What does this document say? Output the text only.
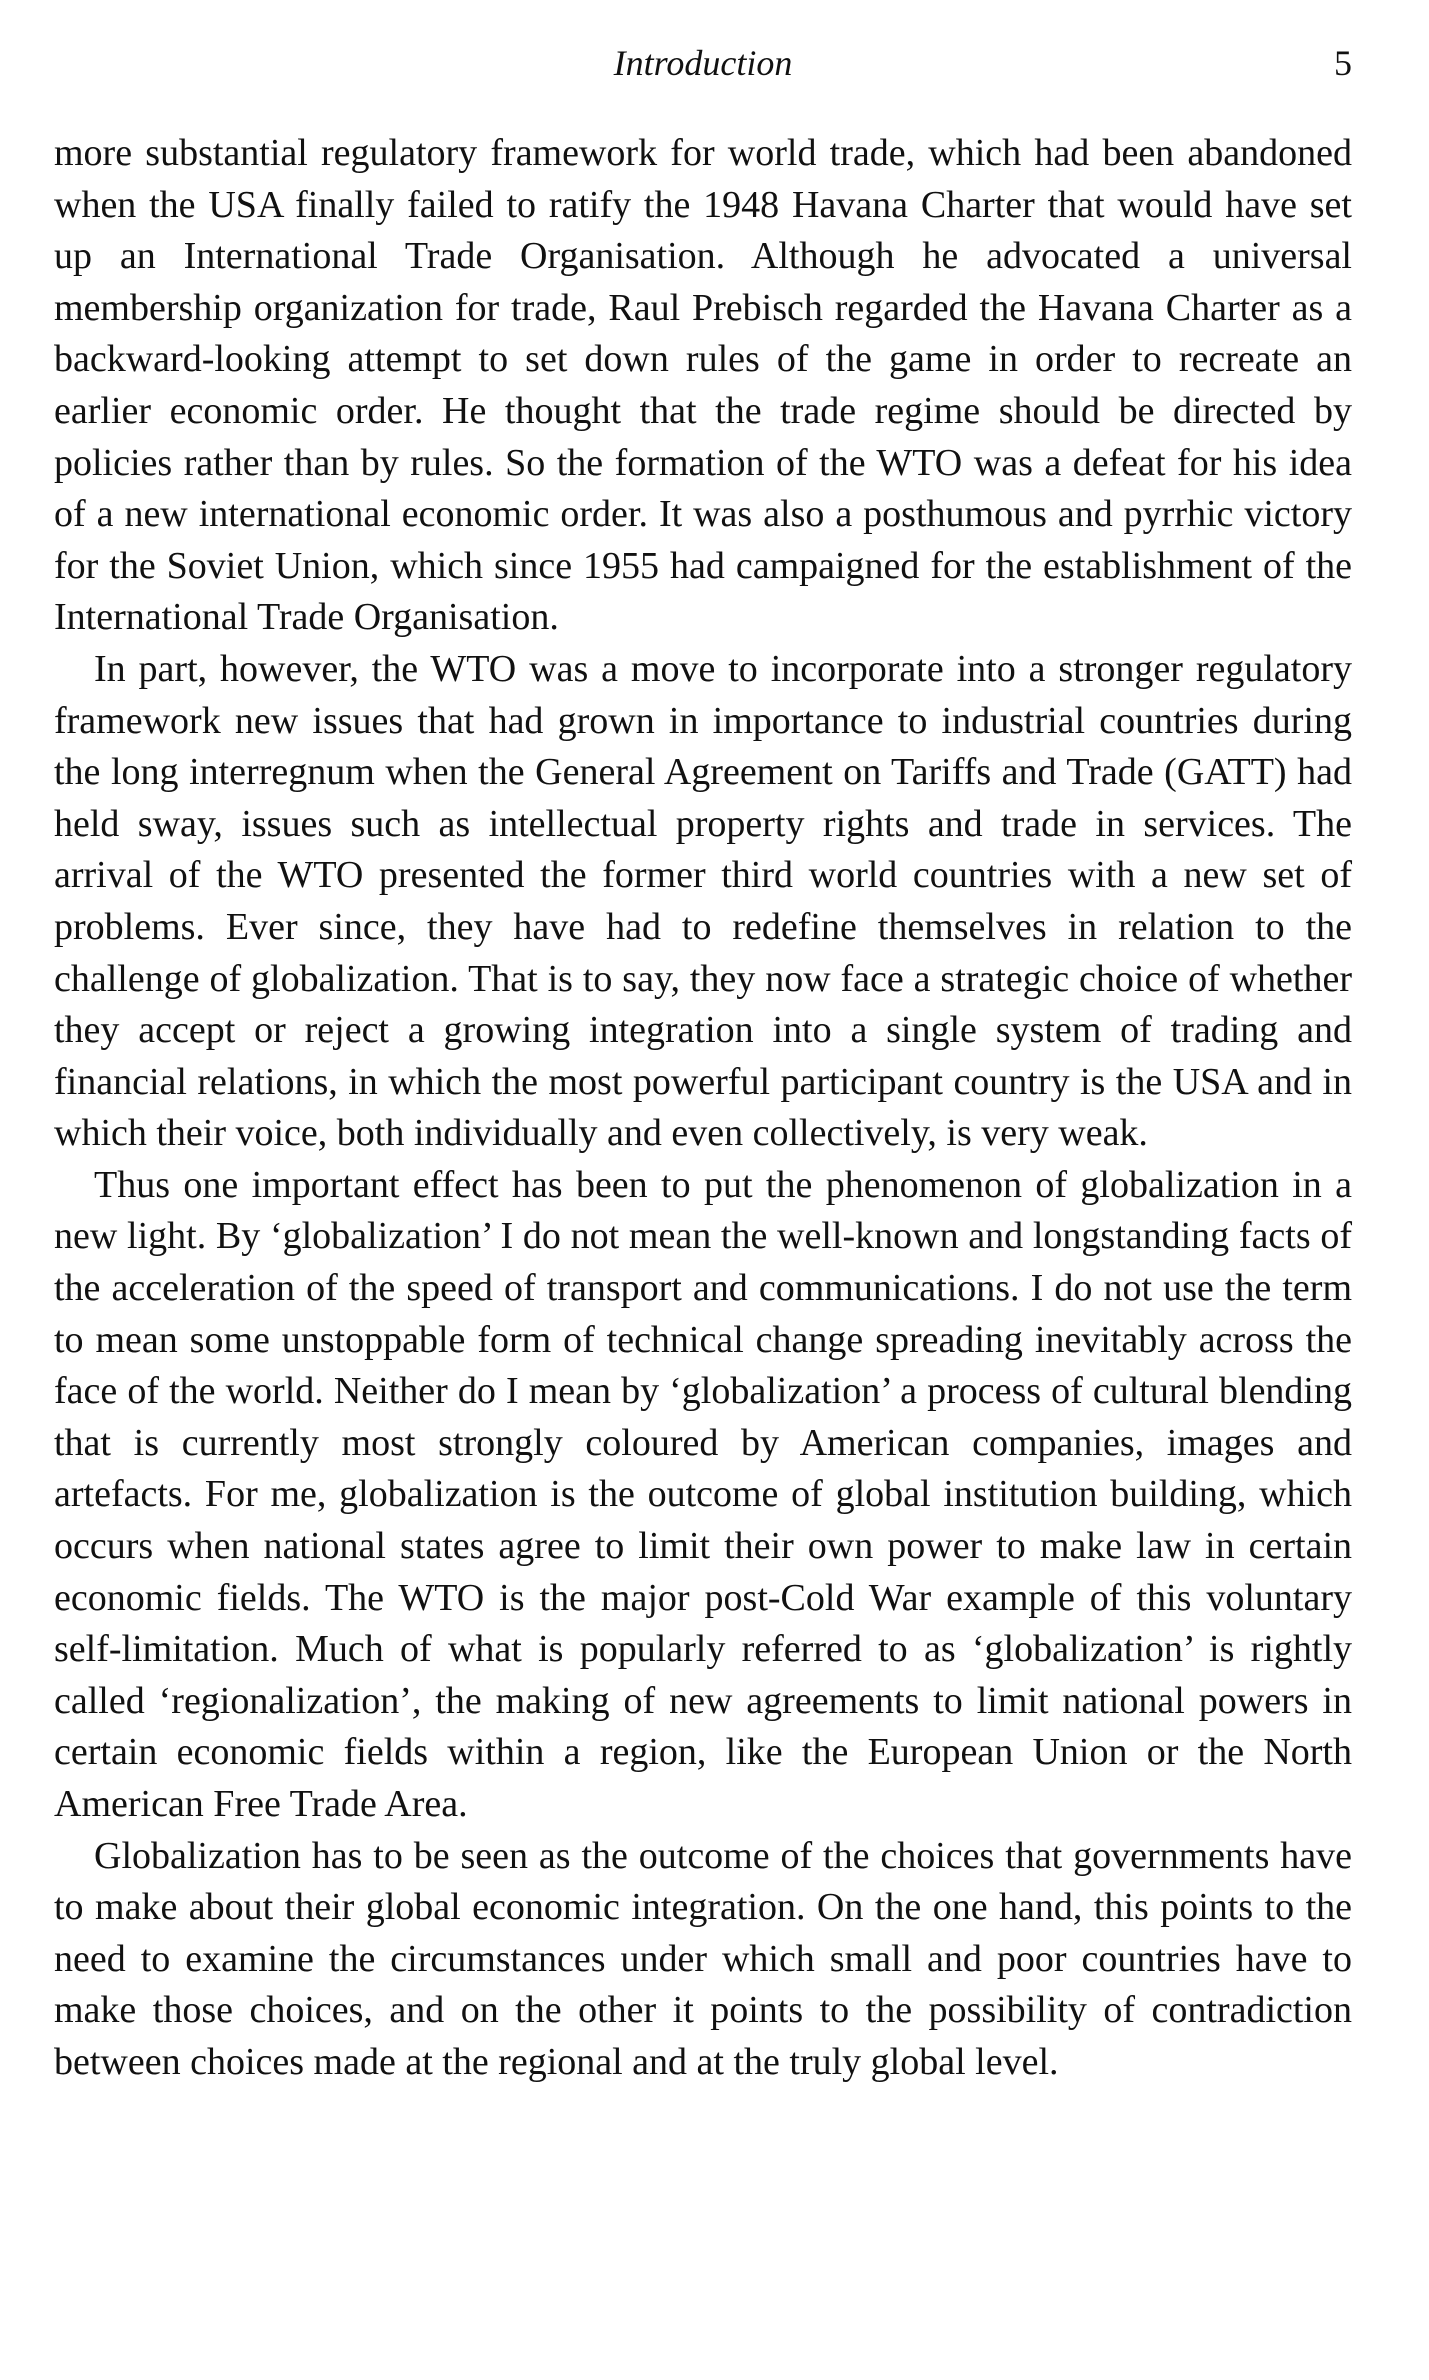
Introduction	5

more substantial regulatory framework for world trade, which had been abandoned when the USA finally failed to ratify the 1948 Havana Charter that would have set up an International Trade Organisation. Although he advocated a universal membership organization for trade, Raul Prebisch regarded the Havana Charter as a backward-looking attempt to set down rules of the game in order to recreate an earlier economic order. He thought that the trade regime should be directed by policies rather than by rules. So the formation of the WTO was a defeat for his idea of a new international economic order. It was also a posthumous and pyrrhic victory for the Soviet Union, which since 1955 had campaigned for the establishment of the International Trade Organisation.

In part, however, the WTO was a move to incorporate into a stronger regulatory framework new issues that had grown in importance to industrial countries during the long interregnum when the General Agreement on Tariffs and Trade (GATT) had held sway, issues such as intellectual property rights and trade in services. The arrival of the WTO presented the former third world countries with a new set of problems. Ever since, they have had to redefine themselves in relation to the challenge of globalization. That is to say, they now face a strategic choice of whether they accept or reject a growing integration into a single system of trading and financial relations, in which the most powerful participant country is the USA and in which their voice, both individually and even collectively, is very weak.

Thus one important effect has been to put the phenomenon of globalization in a new light. By ‘globalization’ I do not mean the well-known and longstanding facts of the acceleration of the speed of transport and communications. I do not use the term to mean some unstoppable form of technical change spreading inevitably across the face of the world. Neither do I mean by ‘globalization’ a process of cultural blending that is currently most strongly coloured by American companies, images and artefacts. For me, globalization is the outcome of global institution building, which occurs when national states agree to limit their own power to make law in certain economic fields. The WTO is the major post-Cold War example of this voluntary self-limitation. Much of what is popularly referred to as ‘globalization’ is rightly called ‘regionalization’, the making of new agreements to limit national powers in certain economic fields within a region, like the European Union or the North American Free Trade Area.

Globalization has to be seen as the outcome of the choices that governments have to make about their global economic integration. On the one hand, this points to the need to examine the circumstances under which small and poor countries have to make those choices, and on the other it points to the possibility of contradiction between choices made at the regional and at the truly global level.
